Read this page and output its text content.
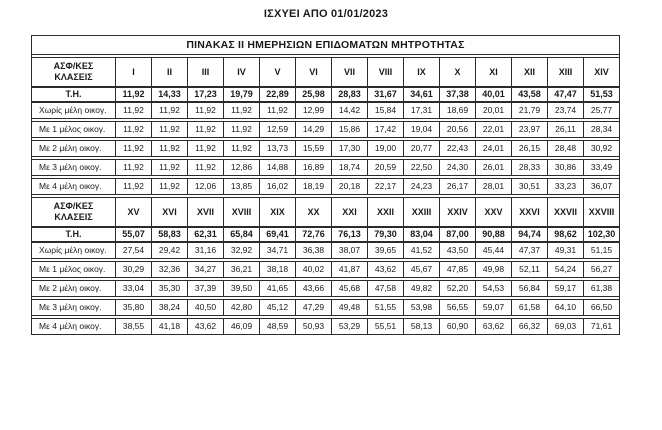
ΙΣΧΥΕΙ ΑΠΟ 01/01/2023
ΠΙΝΑΚΑΣ II ΗΜΕΡΗΣΙΩΝ ΕΠΙΔΟΜΑΤΩΝ ΜΗΤΡΟΤΗΤΑΣ
ΑΣΦ/ΚΕΣ ΚΛΑΣΕΙΣ	I	II	III	IV	V	VI	VII	VIII	IX	X	XI	XII	XIII	XIV
Τ.Η.	11,92	14,33	17,23	19,79	22,89	25,98	28,83	31,67	34,61	37,38	40,01	43,58	47,47	51,53
Χωρίς μέλη οικογ.	11,92	11,92	11,92	11,92	11,92	12,99	14,42	15,84	17,31	18,69	20,01	21,79	23,74	25,77
Με 1 μέλος οικογ.	11,92	11,92	11,92	11,92	12,59	14,29	15,86	17,42	19,04	20,56	22,01	23,97	26,11	28,34
Με 2 μέλη οικογ.	11,92	11,92	11,92	11,92	13,73	15,59	17,30	19,00	20,77	22,43	24,01	26,15	28,48	30,92
Με 3 μέλη οικογ.	11,92	11,92	11,92	12,86	14,88	16,89	18,74	20,59	22,50	24,30	26,01	28,33	30,86	33,49
Με 4 μέλη οικογ.	11,92	11,92	12,06	13,85	16,02	18,19	20,18	22,17	24,23	26,17	28,01	30,51	33,23	36,07
ΑΣΦ/ΚΕΣ ΚΛΑΣΕΙΣ	XV	XVI	XVII	XVIII	XIX	XX	XXI	XXII	XXIII	XXIV	XXV	XXVI	XXVII	XXVIII
Τ.Η.	55,07	58,83	62,31	65,84	69,41	72,76	76,13	79,30	83,04	87,00	90,88	94,74	98,62	102,30
Χωρίς μέλη οικογ.	27,54	29,42	31,16	32,92	34,71	36,38	38,07	39,65	41,52	43,50	45,44	47,37	49,31	51,15
Με 1 μέλος οικογ.	30,29	32,36	34,27	36,21	38,18	40,02	41,87	43,62	45,67	47,85	49,98	52,11	54,24	56,27
Με 2 μέλη οικογ.	33,04	35,30	37,39	39,50	41,65	43,66	45,68	47,58	49,82	52,20	54,53	56,84	59,17	61,38
Με 3 μέλη οικογ.	35,80	38,24	40,50	42,80	45,12	47,29	49,48	51,55	53,98	56,55	59,07	61,58	64,10	66,50
Με 4 μέλη οικογ.	38,55	41,18	43,62	46,09	48,59	50,93	53,29	55,51	58,13	60,90	63,62	66,32	69,03	71,61
